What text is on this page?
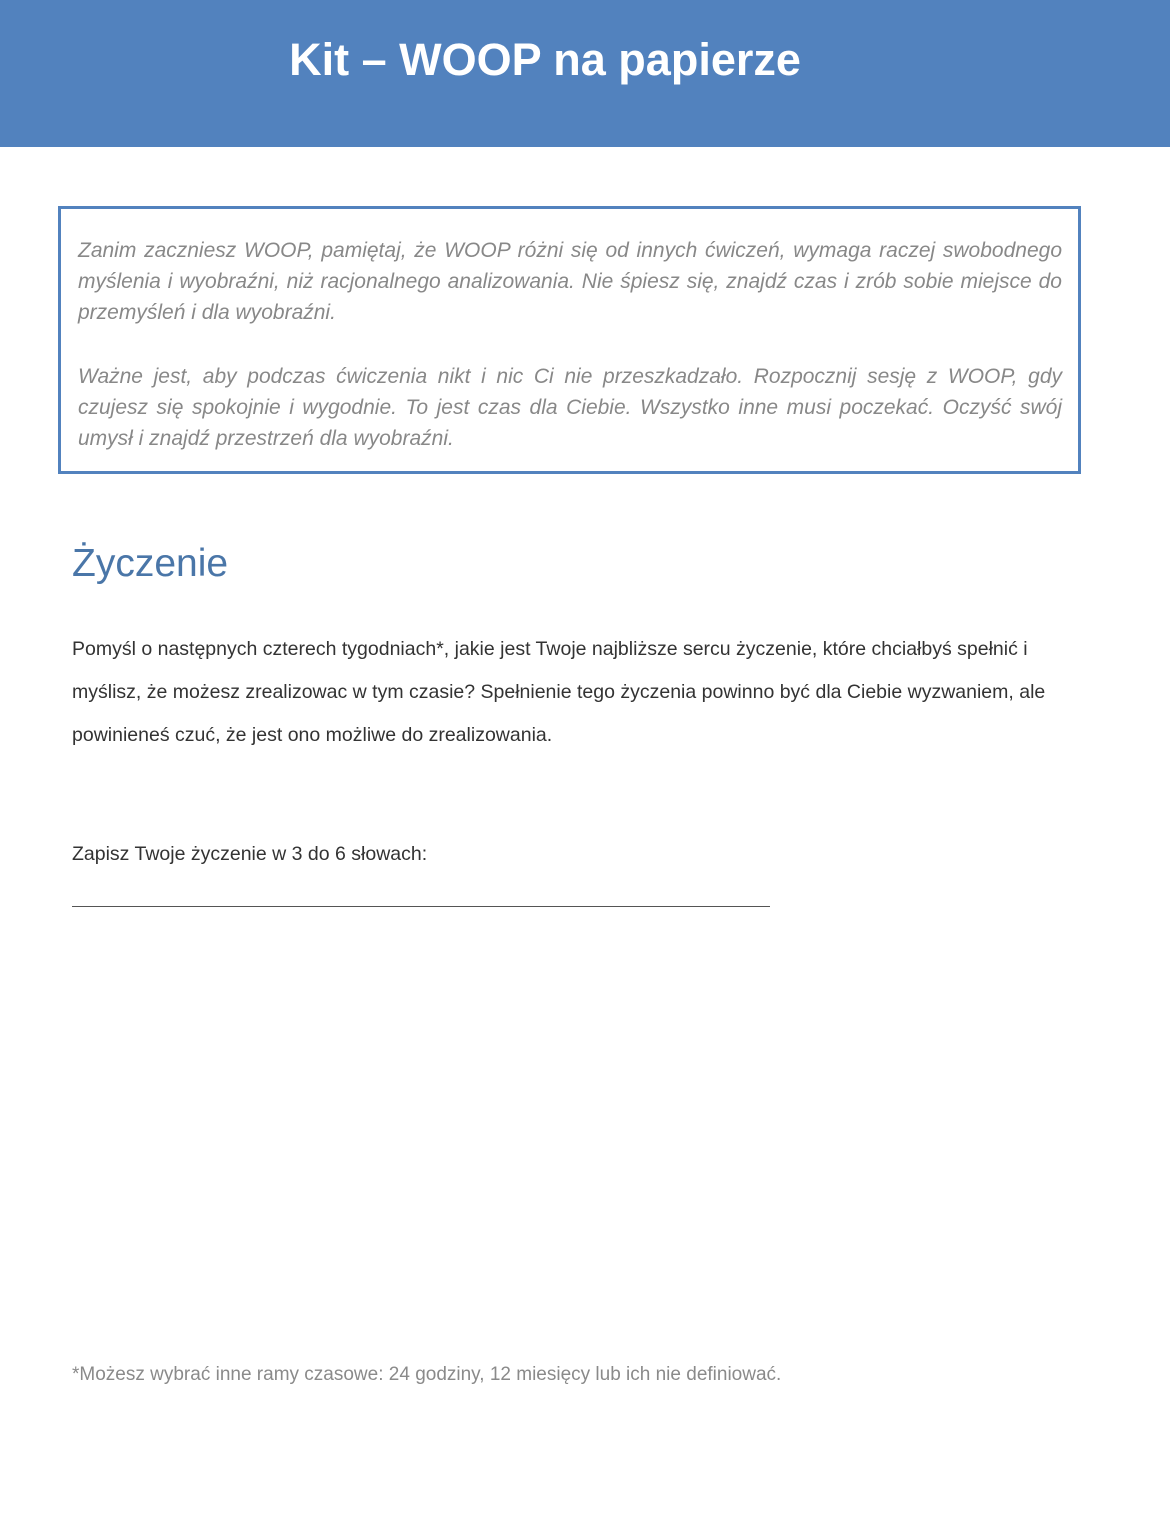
Kit – WOOP na papierze

Zanim zaczniesz WOOP, pamiętaj, że WOOP różni się od innych ćwiczeń, wymaga raczej swobodnego myślenia i wyobraźni, niż racjonalnego analizowania. Nie śpiesz się, znajdź czas i zrób sobie miejsce do przemyśleń i dla wyobraźni.

Ważne jest, aby podczas ćwiczenia nikt i nic Ci nie przeszkadzało. Rozpocznij sesję z WOOP, gdy czujesz się spokojnie i wygodnie. To jest czas dla Ciebie. Wszystko inne musi poczekać. Oczyść swój umysł i znajdź przestrzeń dla wyobraźni.

Życzenie
Pomyśl o następnych czterech tygodniach*, jakie jest Twoje najbliższe sercu życzenie, które chciałbyś spełnić i myślisz, że możesz zrealizowac w tym czasie? Spełnienie tego życzenia powinno być dla Ciebie wyzwaniem, ale powinieneś czuć, że jest ono możliwe do zrealizowania.
Zapisz Twoje życzenie w 3 do 6 słowach:
*Możesz wybrać inne ramy czasowe: 24 godziny, 12 miesięcy lub ich nie definiować.
